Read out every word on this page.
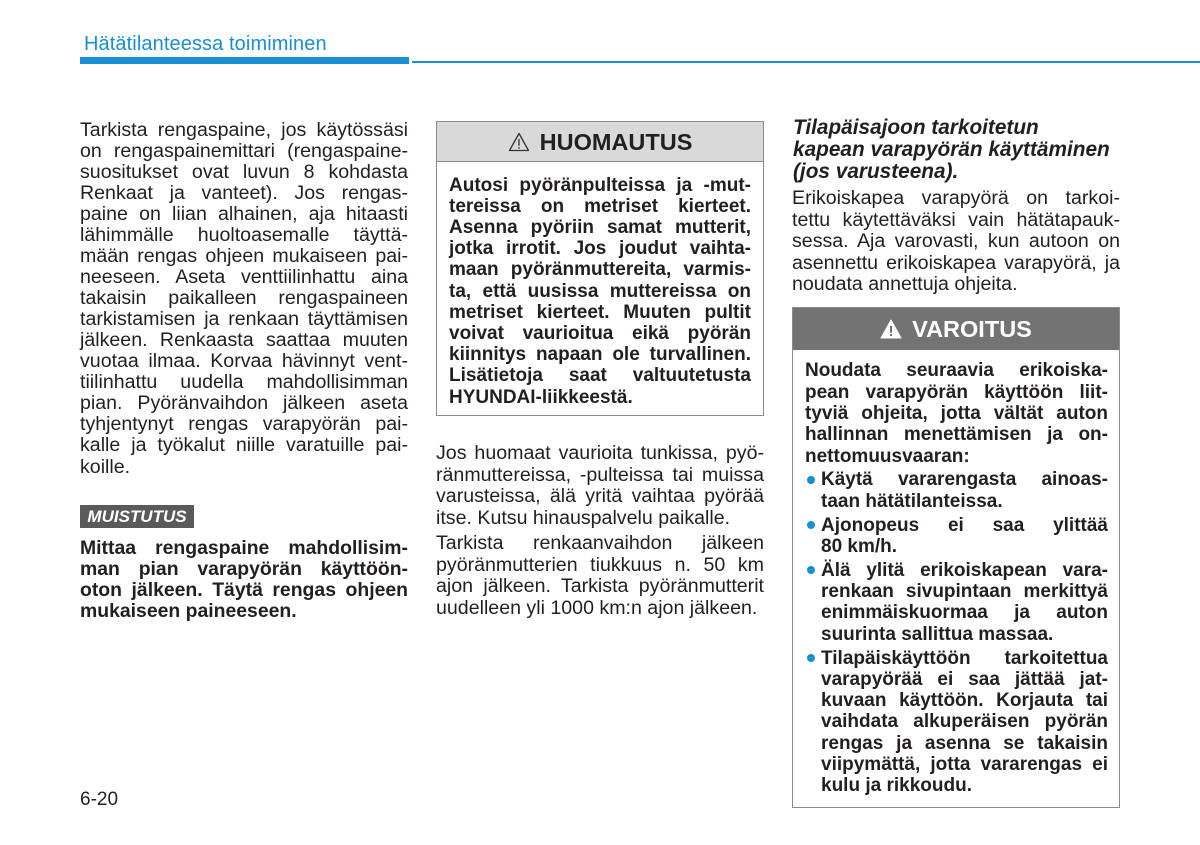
Hätätilanteessa toimiminen
Tarkista rengaspaine, jos käytössäsi
on rengaspainemittari (rengaspaine-
suositukset ovat luvun 8 kohdasta
Renkaat ja vanteet). Jos rengas-
paine on liian alhainen, aja hitaasti
lähimmälle huoltoasemalle täyttä-
mään rengas ohjeen mukaiseen pai-
neeseen. Aseta venttiilinhattu aina
takaisin paikalleen rengaspaineen
tarkistamisen ja renkaan täyttämisen
jälkeen. Renkaasta saattaa muuten
vuotaa ilmaa. Korvaa hävinnyt vent-
tiilinhattu uudella mahdollisimman
pian. Pyöränvaihdon jälkeen aseta
tyhjentynyt rengas varapyörän pai-
kalle ja työkalut niille varatuille pai-
koille.
MUISTUTUS
Mittaa rengaspaine mahdollisim-
man pian varapyörän käyttöön-
oton jälkeen. Täytä rengas ohjeen
mukaiseen paineeseen.
6-20
HUOMAUTUS
Autosi pyöränpulteissa ja -mut-
tereissa on metriset kierteet.
Asenna pyöriin samat mutterit,
jotka irrotit. Jos joudut vaihta-
maan pyöränmuttereita, varmis-
ta, että uusissa muttereissa on
metriset kierteet. Muuten pultit
voivat vaurioitua eikä pyörän
kiinnitys napaan ole turvallinen.
Lisätietoja saat valtuutetusta
HYUNDAI-liikkeestä.
Jos huomaat vaurioita tunkissa, pyö-
ränmuttereissa, -pulteissa tai muissa
varusteissa, älä yritä vaihtaa pyörää
itse. Kutsu hinauspalvelu paikalle.
Tarkista renkaanvaihdon jälkeen
pyöränmutterien tiukkuus n. 50 km
ajon jälkeen. Tarkista pyöränmutterit
uudelleen yli 1000 km:n ajon jälkeen.
Tilapäisajoon tarkoitetun
kapean varapyörän käyttäminen
(jos varusteena).
Erikoiskapea varapyörä on tarkoi-
tettu käytettäväksi vain hätätapauk-
sessa. Aja varovasti, kun autoon on
asennettu erikoiskapea varapyörä, ja
noudata annettuja ohjeita.
VAROITUS
Noudata seuraavia erikoiska-
pean varapyörän käyttöön liit-
tyviä ohjeita, jotta vältät auton
hallinnan menettämisen ja on-
nettomuusvaaran:
Käytä vararengasta ainoas-
taan hätätilanteissa.
Ajonopeus ei saa ylittää
80 km/h.
Älä ylitä erikoiskapean vara-
renkaan sivupintaan merkittyä
enimmäiskuormaa ja auton
suurinta sallittua massaa.
Tilapäiskäyttöön tarkoitettua
varapyörää ei saa jättää jat-
kuvaan käyttöön. Korjauta tai
vaihdata alkuperäisen pyörän
rengas ja asenna se takaisin
viipymättä, jotta vararengas ei
kulu ja rikkoudu.
